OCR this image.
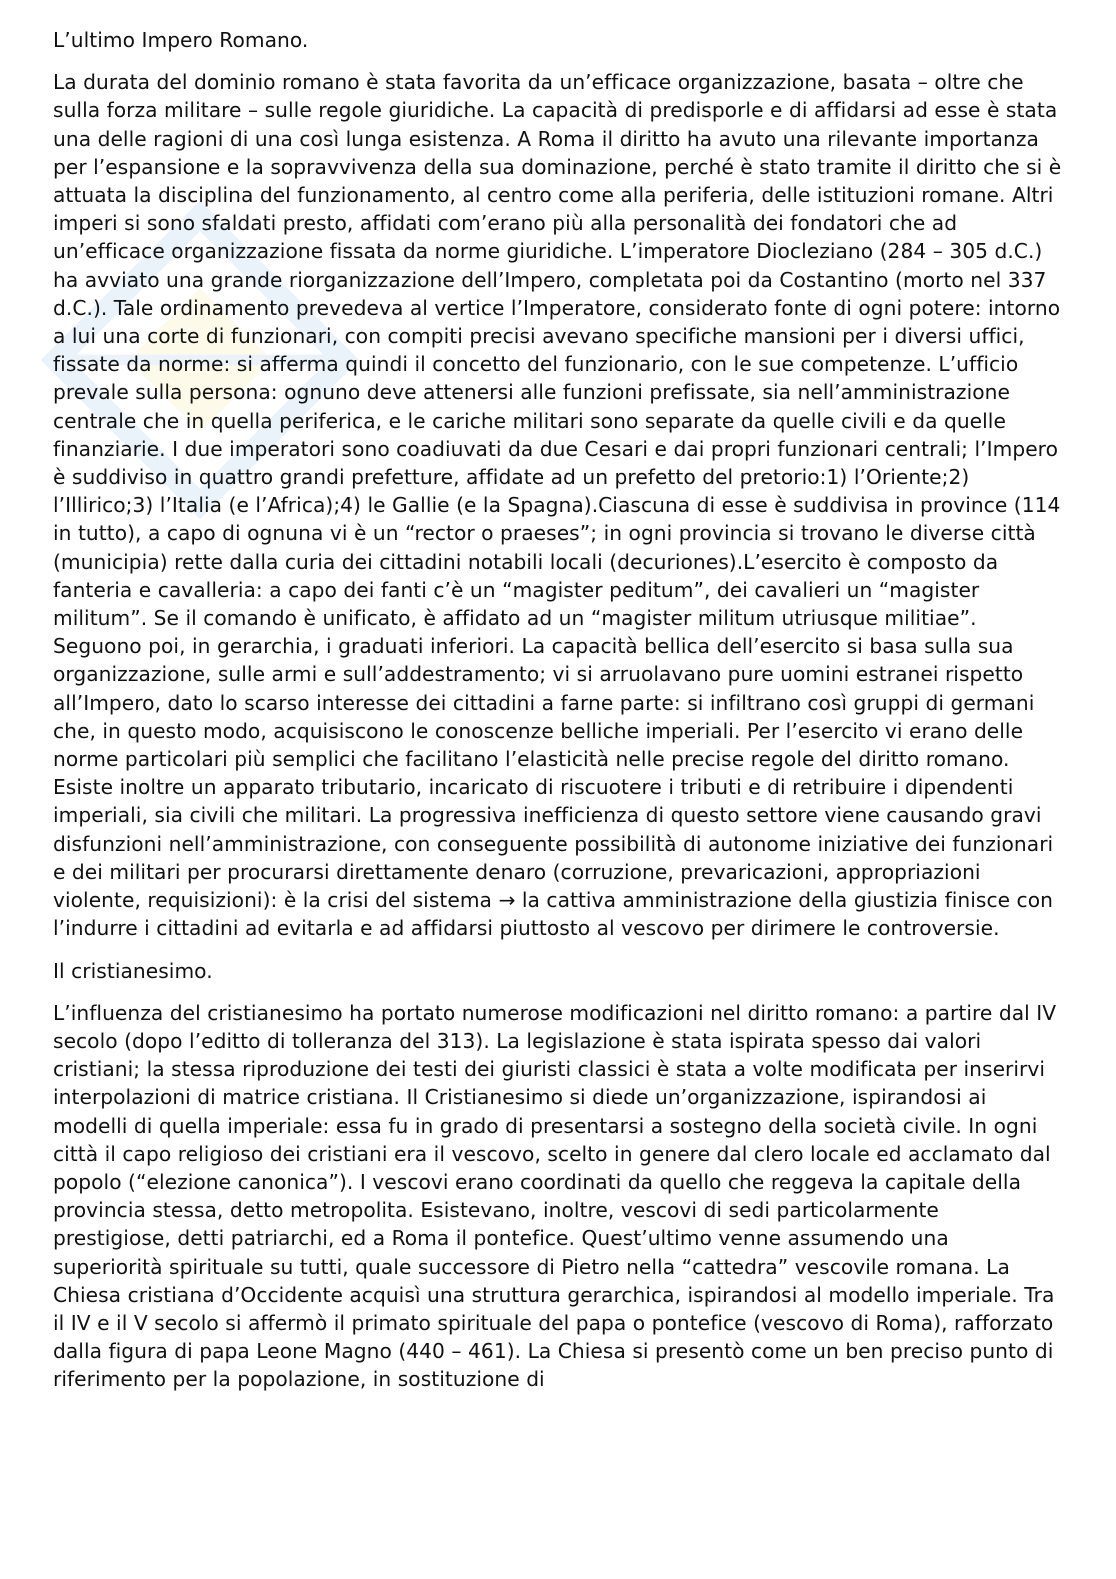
L’ultimo Impero Romano.
La durata del dominio romano è stata favorita da un’efficace organizzazione, basata – oltre che sulla forza militare – sulle regole giuridiche. La capacità di predisporle e di affidarsi ad esse è stata una delle ragioni di una così lunga esistenza. A Roma il diritto ha avuto una rilevante importanza per l’espansione e la sopravvivenza della sua dominazione, perché è stato tramite il diritto che si è attuata la disciplina del funzionamento, al centro come alla periferia, delle istituzioni romane. Altri imperi si sono sfaldati presto, affidati com’erano più alla personalità dei fondatori che ad un’efficace organizzazione fissata da norme giuridiche. L’imperatore Diocleziano (284 – 305 d.C.) ha avviato una grande riorganizzazione dell’Impero, completata poi da Costantino (morto nel 337 d.C.). Tale ordinamento prevedeva al vertice l’Imperatore, considerato fonte di ogni potere: intorno a lui una corte di funzionari, con compiti precisi avevano specifiche mansioni per i diversi uffici, fissate da norme: si afferma quindi il concetto del funzionario, con le sue competenze. L’ufficio prevale sulla persona: ognuno deve attenersi alle funzioni prefissate, sia nell’amministrazione centrale che in quella periferica, e le cariche militari sono separate da quelle civili e da quelle finanziarie. I due imperatori sono coadiuvati da due Cesari e dai propri funzionari centrali; l’Impero è suddiviso in quattro grandi prefetture, affidate ad un prefetto del pretorio:1) l’Oriente;2) l’Illirico;3) l’Italia (e l’Africa);4) le Gallie (e la Spagna).Ciascuna di esse è suddivisa in province (114 in tutto), a capo di ognuna vi è un “rector o praeses”; in ogni provincia si trovano le diverse città (municipia) rette dalla curia dei cittadini notabili locali (decuriones).L’esercito è composto da fanteria e cavalleria: a capo dei fanti c’è un “magister peditum”, dei cavalieri un “magister militum”. Se il comando è unificato, è affidato ad un “magister militum utriusque militiae”. Seguono poi, in gerarchia, i graduati inferiori. La capacità bellica dell’esercito si basa sulla sua organizzazione, sulle armi e sull’addestramento; vi si arruolavano pure uomini estranei rispetto all’Impero, dato lo scarso interesse dei cittadini a farne parte: si infiltrano così gruppi di germani che, in questo modo, acquisiscono le conoscenze belliche imperiali. Per l’esercito vi erano delle norme particolari più semplici che facilitano l’elasticità nelle precise regole del diritto romano. Esiste inoltre un apparato tributario, incaricato di riscuotere i tributi e di retribuire i dipendenti imperiali, sia civili che militari. La progressiva inefficienza di questo settore viene causando gravi disfunzioni nell’amministrazione, con conseguente possibilità di autonome iniziative dei funzionari e dei militari per procurarsi direttamente denaro (corruzione, prevaricazioni, appropriazioni violente, requisizioni): è la crisi del sistema → la cattiva amministrazione della giustizia finisce con l’indurre i cittadini ad evitarla e ad affidarsi piuttosto al vescovo per dirimere le controversie.
Il cristianesimo.
L’influenza del cristianesimo ha portato numerose modificazioni nel diritto romano: a partire dal IV secolo (dopo l’editto di tolleranza del 313). La legislazione è stata ispirata spesso dai valori cristiani; la stessa riproduzione dei testi dei giuristi classici è stata a volte modificata per inserirvi interpolazioni di matrice cristiana. Il Cristianesimo si diede un’organizzazione, ispirandosi ai modelli di quella imperiale: essa fu in grado di presentarsi a sostegno della società civile. In ogni città il capo religioso dei cristiani era il vescovo, scelto in genere dal clero locale ed acclamato dal popolo (“elezione canonica”). I vescovi erano coordinati da quello che reggeva la capitale della provincia stessa, detto metropolita. Esistevano, inoltre, vescovi di sedi particolarmente prestigiose, detti patriarchi, ed a Roma il pontefice. Quest’ultimo venne assumendo una superiorità spirituale su tutti, quale successore di Pietro nella “cattedra” vescovile romana. La Chiesa cristiana d’Occidente acquisì una struttura gerarchica, ispirandosi al modello imperiale. Tra il IV e il V secolo si affermò il primato spirituale del papa o pontefice (vescovo di Roma), rafforzato dalla figura di papa Leone Magno (440 – 461). La Chiesa si presentò come un ben preciso punto di riferimento per la popolazione, in sostituzione di
